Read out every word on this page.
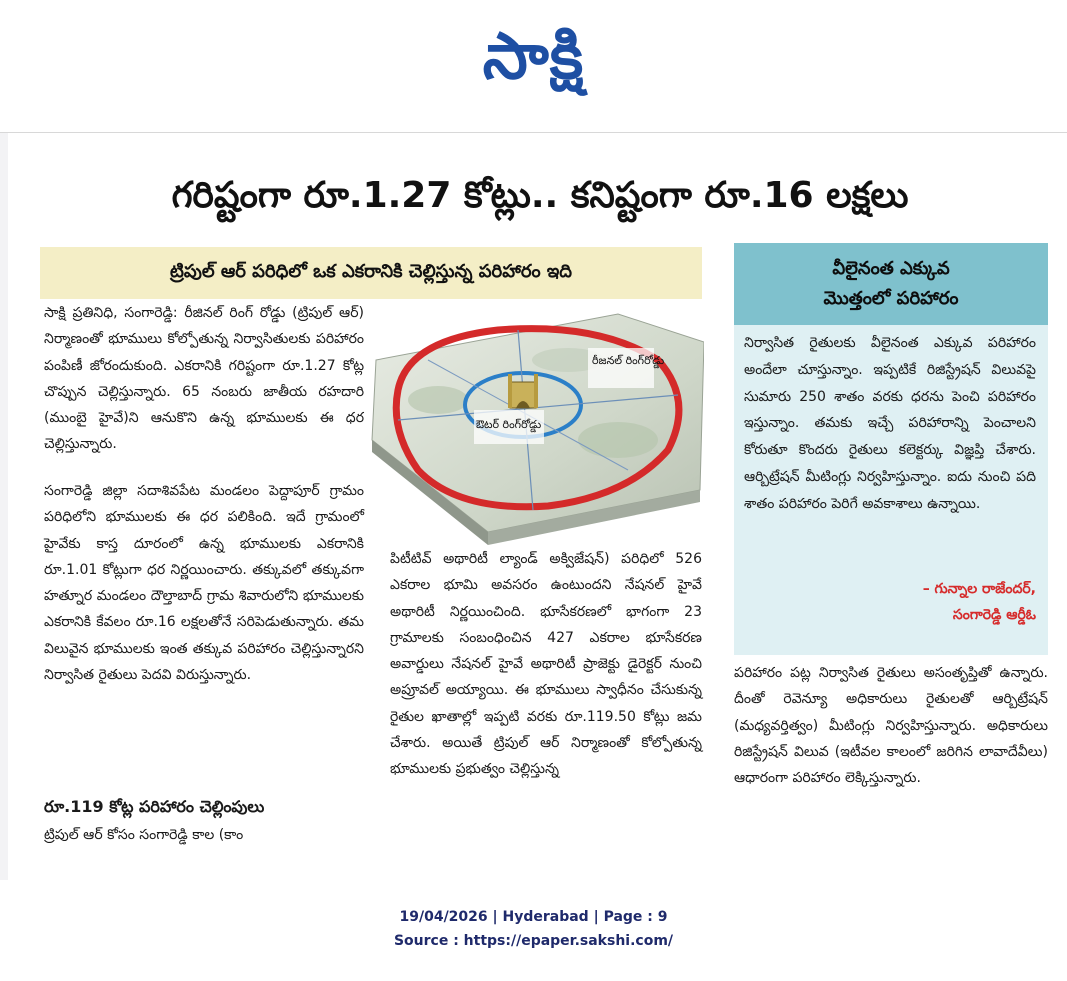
సాక్షి
గరిష్టంగా రూ.1.27 కోట్లు.. కనిష్టంగా రూ.16 లక్షలు
ట్రిపుల్ ఆర్ పరిధిలో ఒక ఎకరానికి చెల్లిస్తున్న పరిహారం ఇది
సాక్షి ప్రతినిధి, సంగారెడ్డి: రీజినల్ రింగ్ రోడ్డు (ట్రిపుల్ ఆర్) నిర్మాణంతో భూములు కోల్పోతున్న నిర్వాసితులకు పరిహారం పంపిణీ జోరందుకుంది. ఎకరానికి గరిష్టంగా రూ.1.27 కోట్ల చొప్పున చెల్లిస్తున్నారు. 65 నంబరు జాతీయ రహదారి (ముంబై హైవే)ని ఆనుకొని ఉన్న భూములకు ఈ ధర చెల్లిస్తున్నారు.
సంగారెడ్డి జిల్లా సదాశివపేట మండలం పెద్దాపూర్ గ్రామం పరిధిలోని భూములకు ఈ ధర పలికింది. ఇదే గ్రామంలో హైవేకు కాస్త దూరంలో ఉన్న భూములకు ఎకరానికి రూ.1.01 కోట్లుగా ధర నిర్ణయించారు. తక్కువలో తక్కువగా హత్నూర మండలం దౌల్తాబాద్ గ్రామ శివారులోని భూములకు ఎకరానికి కేవలం రూ.16 లక్షలతోనే సరిపెడుతున్నారు. తమ విలువైన భూములకు ఇంత తక్కువ పరిహారం చెల్లిస్తున్నారని నిర్వాసిత రైతులు పెదవి విరుస్తున్నారు.
రూ.119 కోట్ల పరిహారం చెల్లింపులు
ట్రిపుల్ ఆర్ కోసం సంగారెడ్డి కాల (కాం
రీజనల్ రింగ్‌రోడ్డు
ఔటర్ రింగ్‌రోడ్డు
పిటీటివ్ అథారిటీ ల్యాండ్ అక్విజేషన్) పరిధిలో 526 ఎకరాల భూమి అవసరం ఉంటుందని నేషనల్ హైవే అథారిటీ నిర్ణయించింది. భూసేకరణలో భాగంగా 23 గ్రామాలకు సంబంధించిన 427 ఎకరాల భూసేకరణ అవార్డులు నేషనల్ హైవే అథారిటీ ప్రాజెక్టు డైరెక్టర్ నుంచి అప్రూవల్ అయ్యాయి. ఈ భూములు స్వాధీనం చేసుకున్న రైతుల ఖాతాల్లో ఇప్పటి వరకు రూ.119.50 కోట్లు జమ చేశారు. అయితే ట్రిపుల్ ఆర్ నిర్మాణంతో కోల్పోతున్న భూములకు ప్రభుత్వం చెల్లిస్తున్న
వీలైనంత ఎక్కువ
మొత్తంలో పరిహారం
నిర్వాసిత రైతులకు వీలైనంత ఎక్కువ పరిహారం అందేలా చూస్తున్నాం. ఇప్పటికే రిజిస్ట్రేషన్ విలువపై సుమారు 250 శాతం వరకు ధరను పెంచి పరిహారం ఇస్తున్నాం. తమకు ఇచ్చే పరిహారాన్ని పెంచాలని కోరుతూ కొందరు రైతులు కలెక్టర్కు విజ్ఞప్తి చేశారు. ఆర్బిట్రేషన్ మీటింగ్లు నిర్వహిస్తున్నాం. ఐదు నుంచి పది శాతం పరిహారం పెరిగే అవకాశాలు ఉన్నాయి.
– గున్నాల రాజేందర్,
సంగారెడ్డి ఆర్డీఓ
పరిహారం పట్ల నిర్వాసిత రైతులు అసంతృప్తితో ఉన్నారు. దీంతో రెవెన్యూ అధికారులు రైతులతో ఆర్బిట్రేషన్ (మధ్యవర్తిత్వం) మీటింగ్లు నిర్వహిస్తున్నారు. అధికారులు రిజిస్ట్రేషన్ విలువ (ఇటీవల కాలంలో జరిగిన లావాదేవీలు) ఆధారంగా పరిహారం లెక్కిస్తున్నారు.
19/04/2026 | Hyderabad | Page : 9
Source : https://epaper.sakshi.com/
